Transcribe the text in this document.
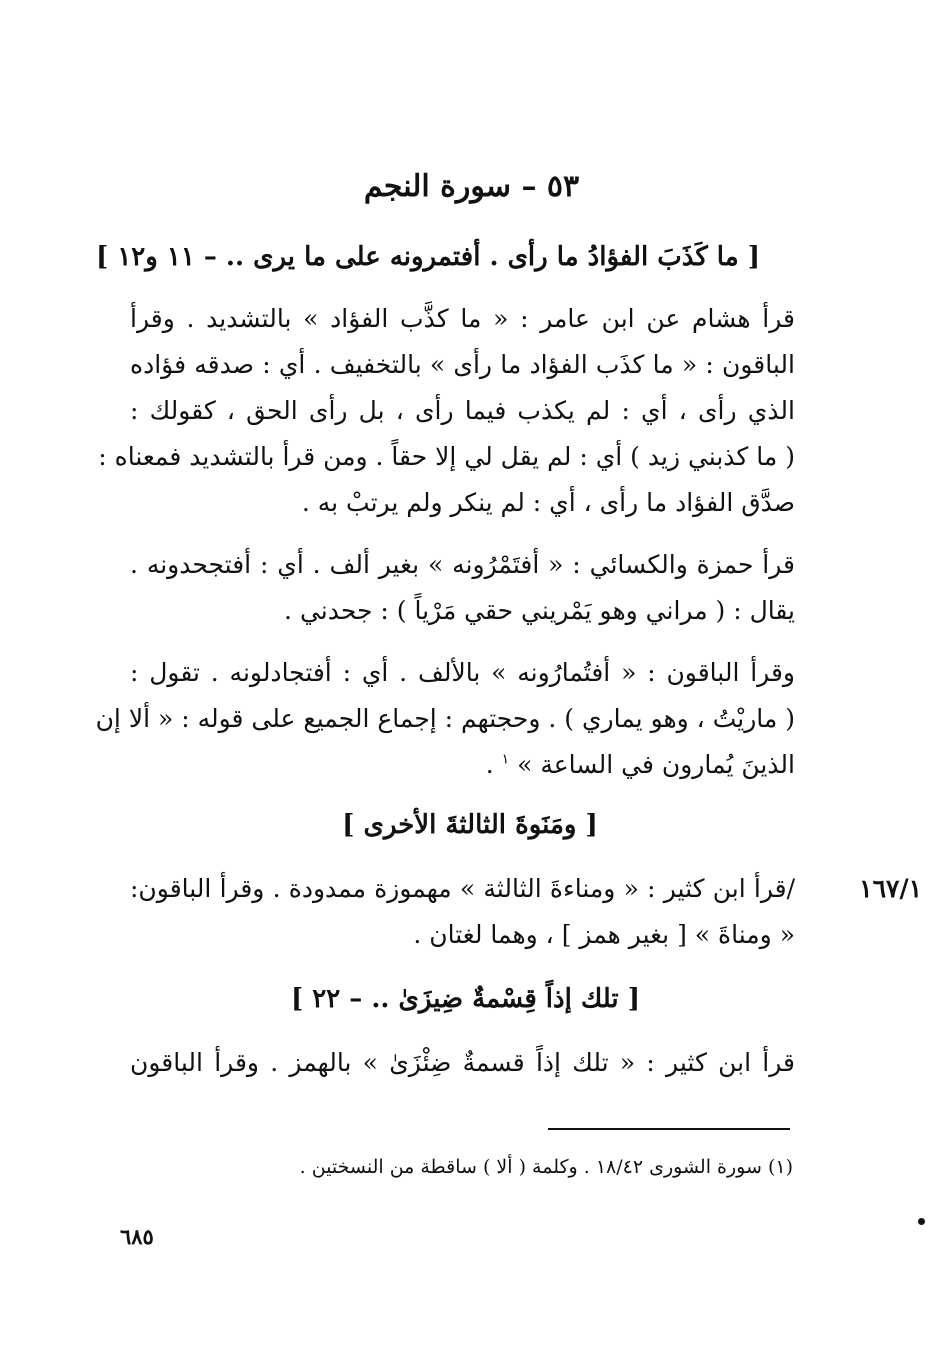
٥٣ – سورة النجم
[ ما كَذَبَ الفؤادُ ما رأى . أفتمرونه على ما يرى .. – ١١ و١٢ ]
قرأ هشام عن ابن عامر : « ما كذَّب الفؤاد » بالتشديد . وقرأ
الباقون : « ما كذَب الفؤاد ما رأى » بالتخفيف . أي : صدقه فؤاده
الذي رأى ، أي : لم يكذب فيما رأى ، بل رأى الحق ، كقولك :
( ما كذبني زيد ) أي : لم يقل لي إلا حقاً . ومن قرأ بالتشديد فمعناه :
صدَّق الفؤاد ما رأى ، أي : لم ينكر ولم يرتبْ به .
قرأ حمزة والكسائي : « أفتَمْرُونه » بغير ألف . أي : أفتجحدونه .
يقال : ( مراني وهو يَمْريني حقي مَرْياً ) : جحدني .
وقرأ الباقون : « أفتُمارُونه » بالألف . أي : أفتجادلونه . تقول :
( ماريْتُ ، وهو يماري ) . وحجتهم : إجماع الجميع على قوله : « ألا إن
الذينَ يُمارون في الساعة » $^١$ .
[ ومَنَوةَ الثالثةَ الأخرى ]
١٦٧/١
/قرأ ابن كثير : « ومناءةَ الثالثة » مهموزة ممدودة . وقرأ الباقون:
« ومناةَ » [ بغير همز ] ، وهما لغتان .
[ تلك إذاً قِسْمةٌ ضِيزَىٰ .. – ٢٢ ]
قرأ ابن كثير : « تلك إذاً قسمةٌ ضِئْزَىٰ » بالهمز . وقرأ الباقون
(١) سورة الشورى ١٨/٤٢ . وكلمة ( ألا ) ساقطة من النسختين .
٦٨٥
